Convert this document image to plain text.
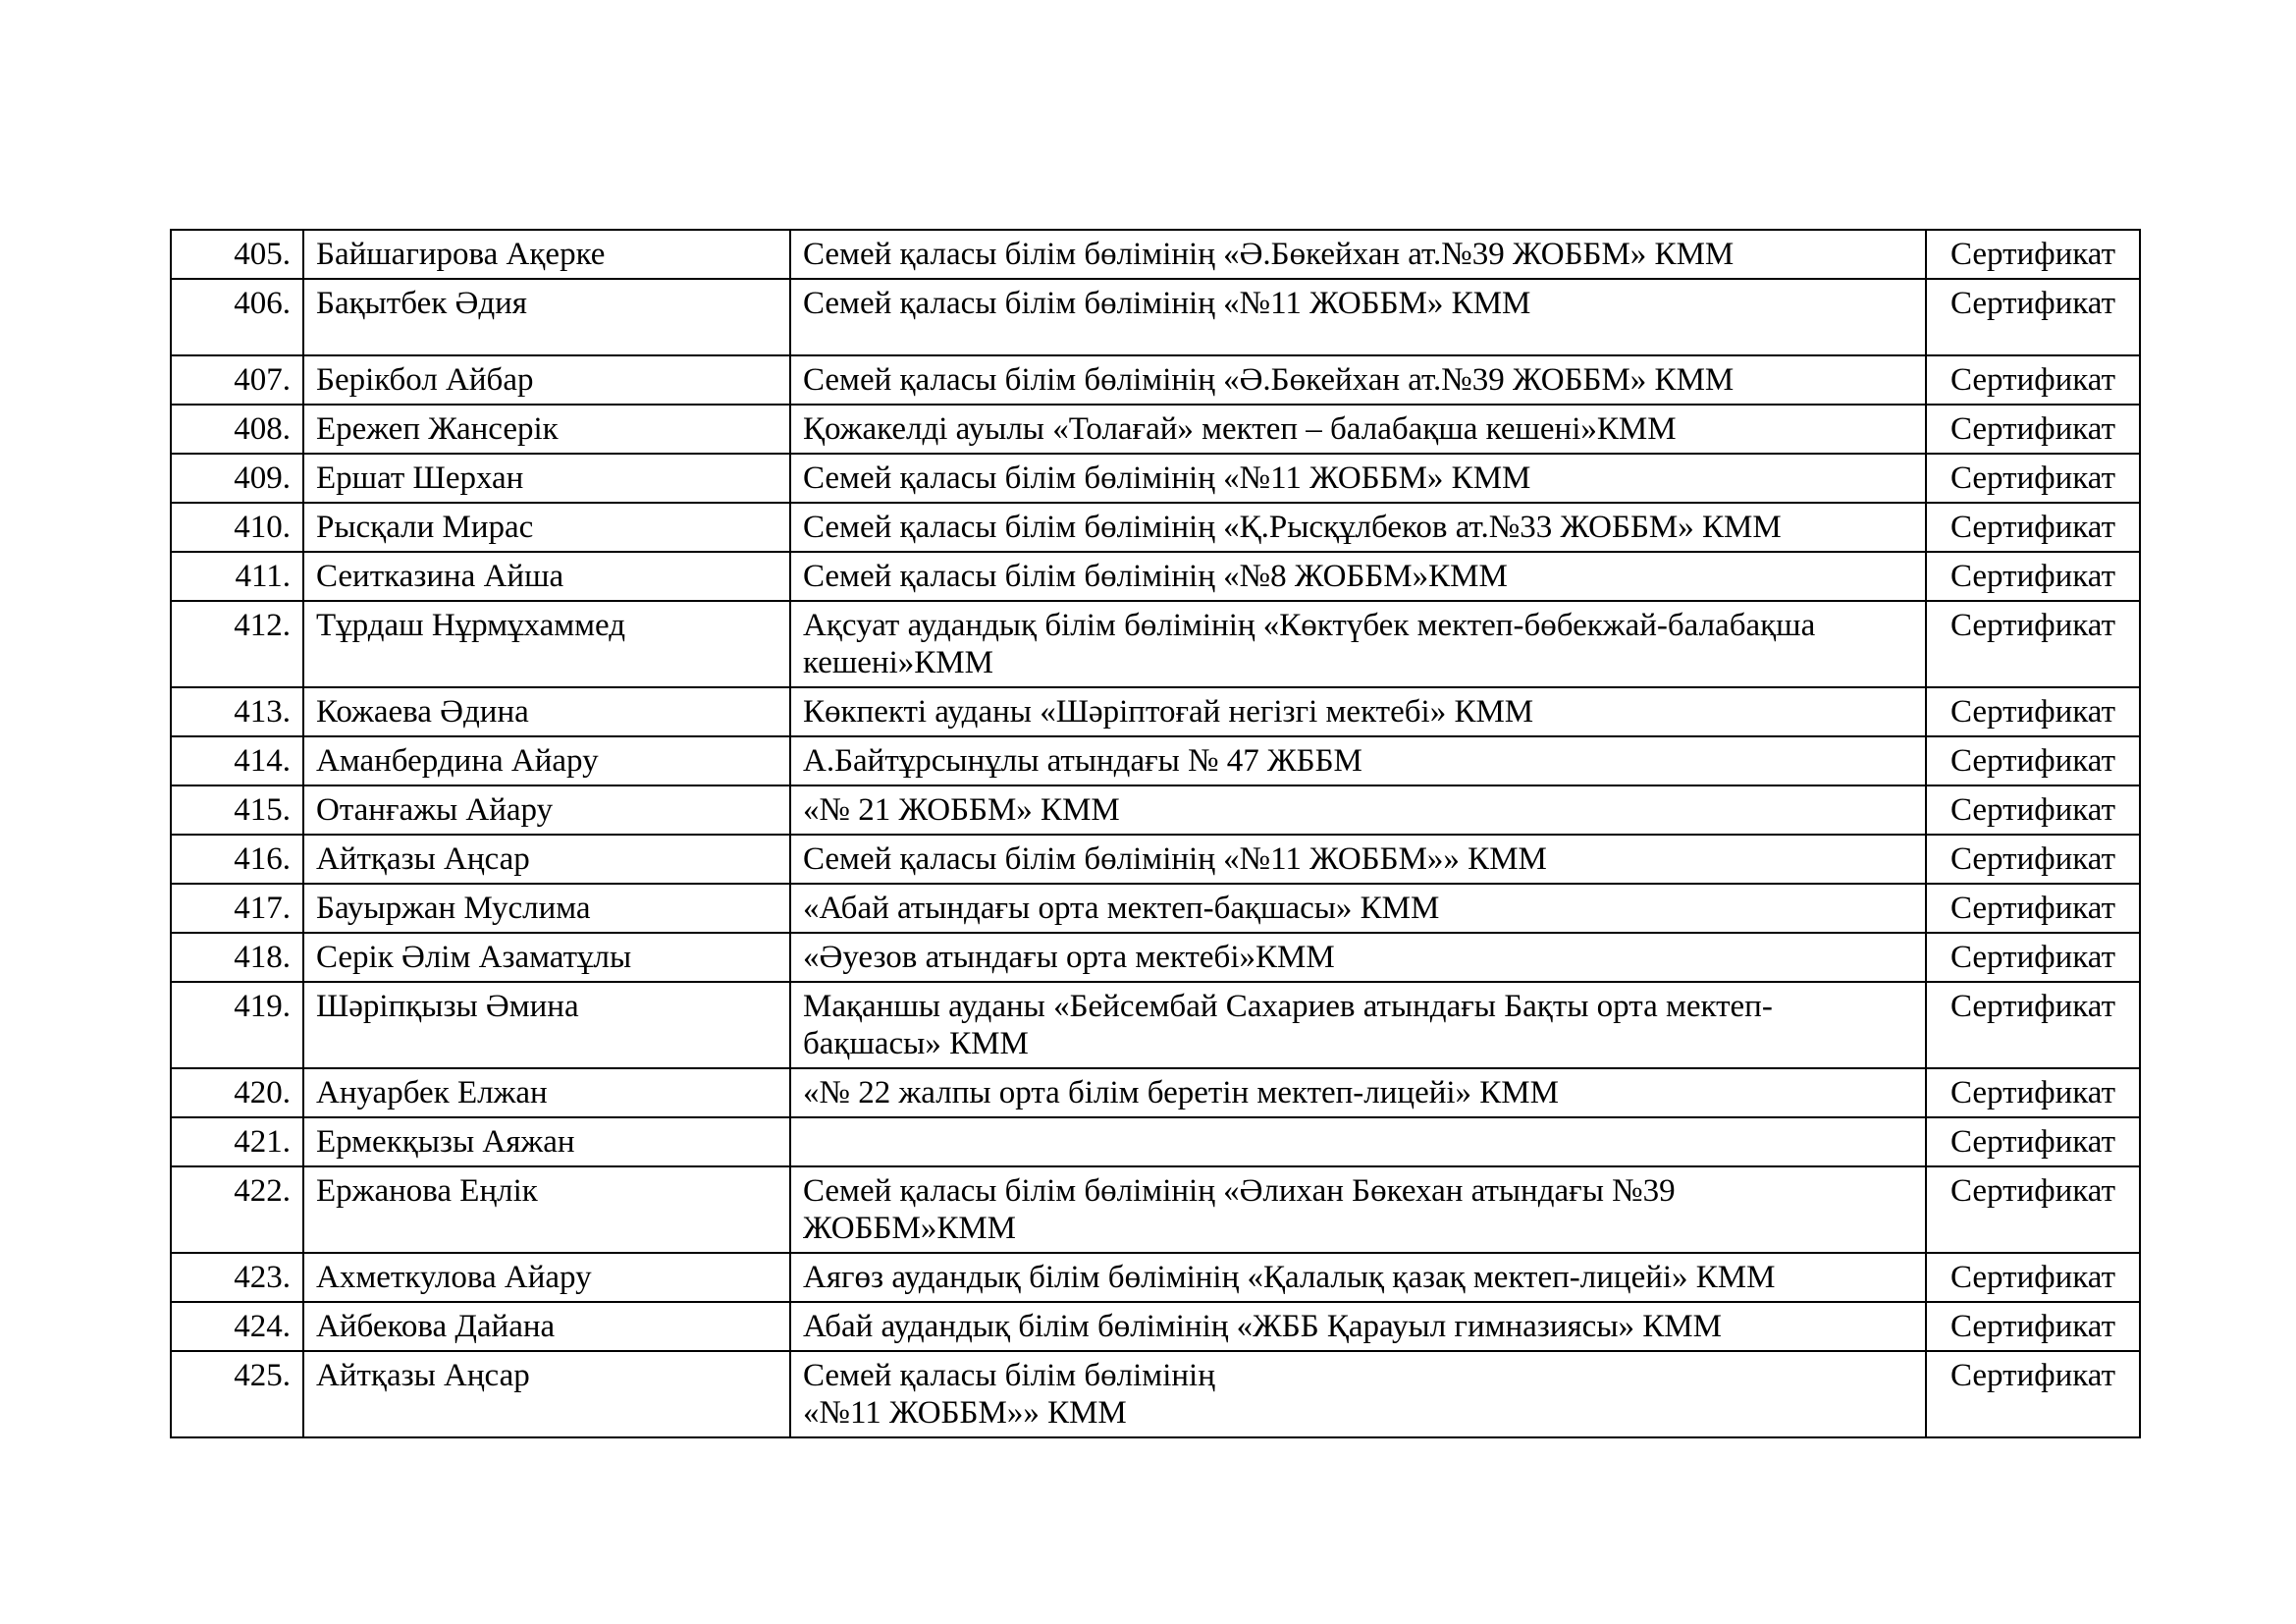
405.	Байшагирова Ақерке	Семей қаласы білім бөлімінің «Ә.Бөкейхан ат.№39 ЖОББМ» КММ	Сертификат
406.	Бақытбек Әдия	Семей қаласы білім бөлімінің «№11 ЖОББМ» КММ	Сертификат
407.	Берікбол Айбар	Семей қаласы білім бөлімінің «Ә.Бөкейхан ат.№39 ЖОББМ» КММ	Сертификат
408.	Ережеп Жансерік	Қожакелді ауылы «Толағай» мектеп – балабақша кешені»КММ	Сертификат
409.	Ершат Шерхан	Семей қаласы білім бөлімінің «№11 ЖОББМ» КММ	Сертификат
410.	Рысқали Мирас	Семей қаласы білім бөлімінің «Қ.Рысқұлбеков ат.№33 ЖОББМ» КММ	Сертификат
411.	Сеитказина Айша	Семей қаласы білім бөлімінің «№8 ЖОББМ»КММ	Сертификат
412.	Тұрдаш Нұрмұхаммед	Ақсуат аудандық білім бөлімінің «Көктүбек мектеп-бөбекжай-балабақша
кешені»КММ	Сертификат
413.	Кожаева Әдина	Көкпекті ауданы «Шәріптоғай негізгі мектебі» КММ	Сертификат
414.	Аманбердина Айару	А.Байтұрсынұлы атындағы № 47 ЖББМ	Сертификат
415.	Отанғажы Айару	«№ 21 ЖОББМ» КММ	Сертификат
416.	Айтқазы Аңсар	Семей қаласы білім бөлімінің «№11 ЖОББМ»» КММ	Сертификат
417.	Бауыржан Муслима	«Абай атындағы орта мектеп-бақшасы» КММ	Сертификат
418.	Серік Әлім Азаматұлы	«Әуезов атындағы орта мектебі»КММ	Сертификат
419.	Шәріпқызы Әмина	Мақаншы ауданы «Бейсембай Сахариев атындағы Бақты орта мектеп-
бақшасы» КММ	Сертификат
420.	Ануарбек Елжан	«№ 22 жалпы орта білім беретін мектеп-лицейі» КММ	Сертификат
421.	Ермекқызы Аяжан		Сертификат
422.	Ержанова Еңлік	Семей қаласы білім бөлімінің «Әлихан Бөкехан атындағы №39
ЖОББМ»КММ	Сертификат
423.	Ахметкулова Айару	Аягөз аудандық білім бөлімінің «Қалалық қазақ мектеп-лицейі» КММ	Сертификат
424.	Айбекова Дайана	Абай аудандық білім бөлімінің «ЖББ Қарауыл гимназиясы» КММ	Сертификат
425.	Айтқазы Аңсар	Семей қаласы білім бөлімінің
«№11 ЖОББМ»» КММ	Сертификат
